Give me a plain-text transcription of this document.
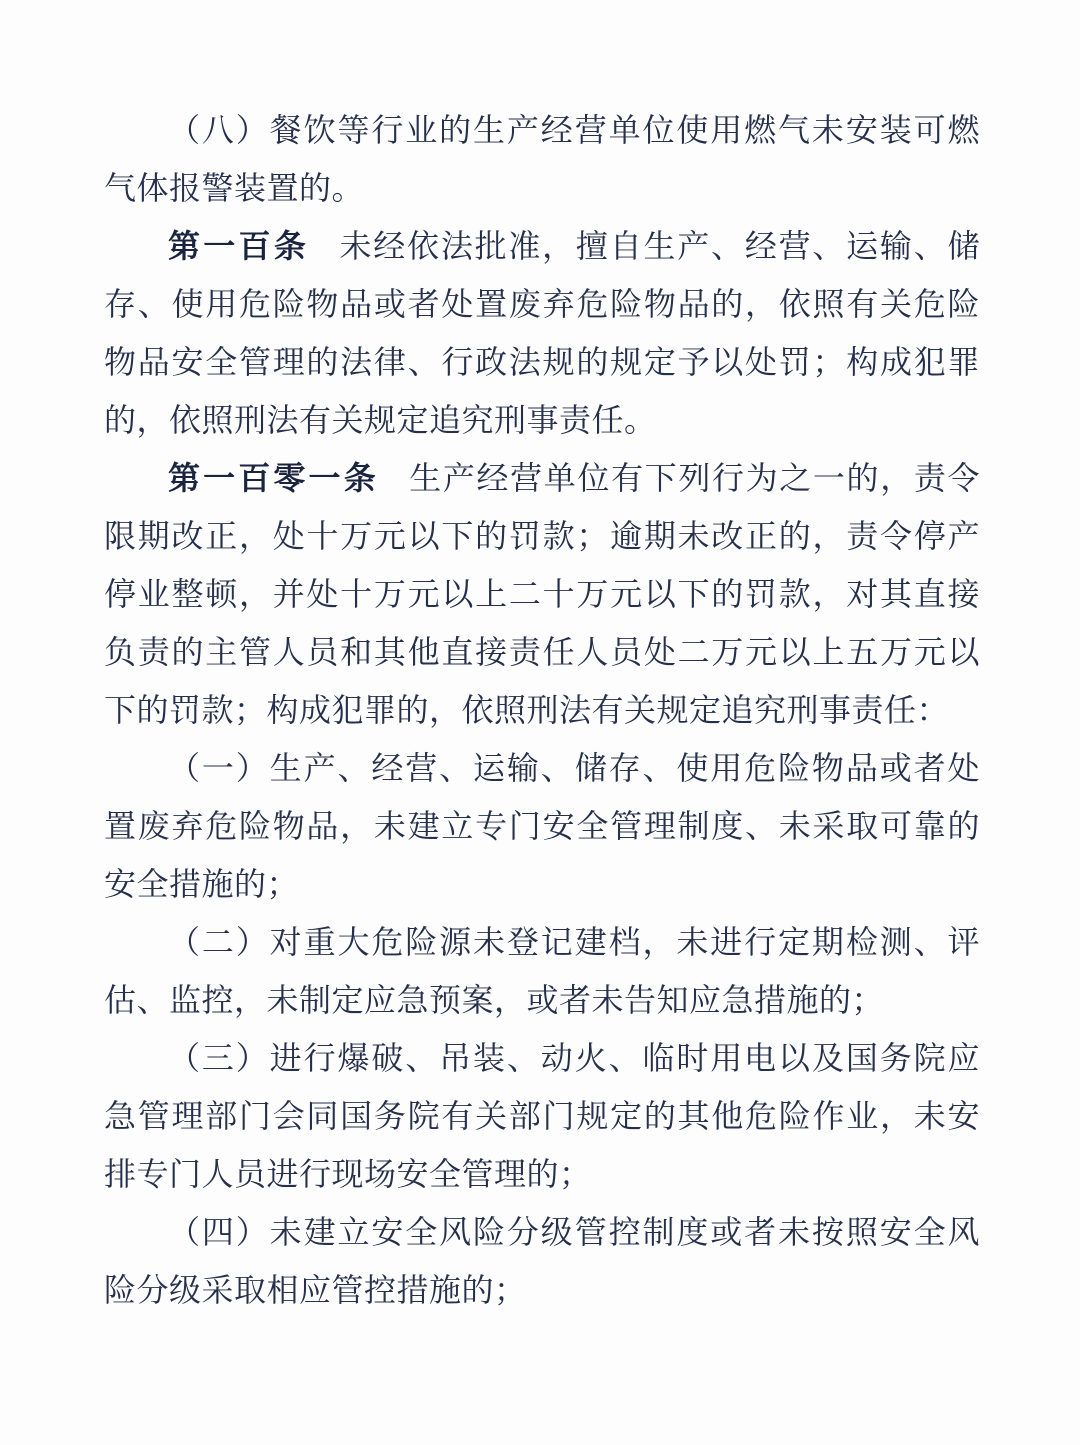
（八）餐饮等行业的生产经营单位使用燃气未安装可燃气体报警装置的。

第一百条 未经依法批准，擅自生产、经营、运输、储存、使用危险物品或者处置废弃危险物品的，依照有关危险物品安全管理的法律、行政法规的规定予以处罚；构成犯罪的，依照刑法有关规定追究刑事责任。

第一百零一条 生产经营单位有下列行为之一的，责令限期改正，处十万元以下的罚款；逾期未改正的，责令停产停业整顿，并处十万元以上二十万元以下的罚款，对其直接负责的主管人员和其他直接责任人员处二万元以上五万元以下的罚款；构成犯罪的，依照刑法有关规定追究刑事责任：

（一）生产、经营、运输、储存、使用危险物品或者处置废弃危险物品，未建立专门安全管理制度、未采取可靠的安全措施的；

（二）对重大危险源未登记建档，未进行定期检测、评估、监控，未制定应急预案，或者未告知应急措施的；

（三）进行爆破、吊装、动火、临时用电以及国务院应急管理部门会同国务院有关部门规定的其他危险作业，未安排专门人员进行现场安全管理的；

（四）未建立安全风险分级管控制度或者未按照安全风险分级采取相应管控措施的；
